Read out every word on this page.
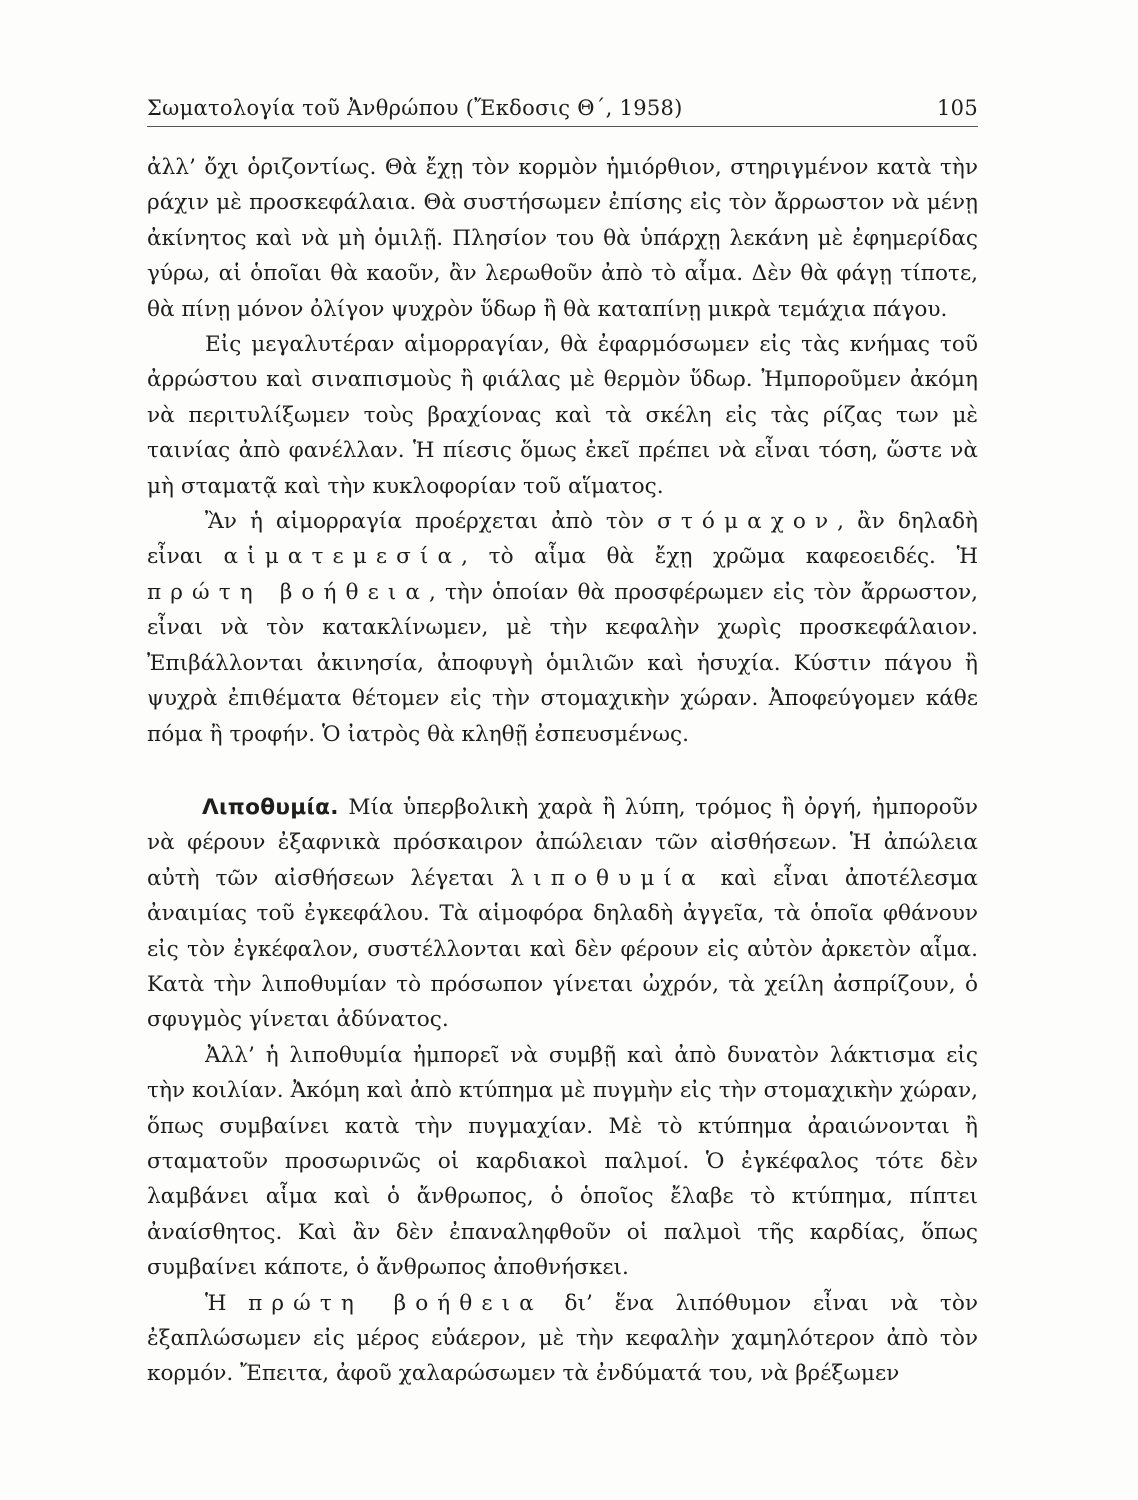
Σωματολογία τοῦ Ἀνθρώπου (Ἔκδοσις Θ΄, 1958)	105

ἀλλ’ ὄχι ὁριζοντίως. Θὰ ἔχῃ τὸν κορμὸν ἡμιόρθιον, στηριγμένον κατὰ τὴν ράχιν μὲ προσκεφάλαια. Θὰ συστήσωμεν ἐπίσης εἰς τὸν ἄρρωστον νὰ μένῃ ἀκίνητος καὶ νὰ μὴ ὁμιλῇ. Πλησίον του θὰ ὑπάρχῃ λεκάνη μὲ ἐφημερίδας γύρω, αἱ ὁποῖαι θὰ καοῦν, ἂν λερωθοῦν ἀπὸ τὸ αἷμα. Δὲν θὰ φάγῃ τίποτε, θὰ πίνῃ μόνον ὀλίγον ψυχρὸν ὕδωρ ἢ θὰ καταπίνῃ μικρὰ τεμάχια πάγου.

Εἰς μεγαλυτέραν αἱμορραγίαν, θὰ ἐφαρμόσωμεν εἰς τὰς κνήμας τοῦ ἀρρώστου καὶ σιναπισμοὺς ἢ φιάλας μὲ θερμὸν ὕδωρ. Ἠμποροῦμεν ἀκόμη νὰ περιτυλίξωμεν τοὺς βραχίονας καὶ τὰ σκέλη εἰς τὰς ρίζας των μὲ ταινίας ἀπὸ φανέλλαν. Ἡ πίεσις ὅμως ἐκεῖ πρέπει νὰ εἶναι τόση, ὥστε νὰ μὴ σταματᾷ καὶ τὴν κυκλοφορίαν τοῦ αἵματος.

Ἂν ἡ αἱμορραγία προέρχεται ἀπὸ τὸν στόμαχον, ἂν δηλαδὴ εἶναι αἱματεμεσία, τὸ αἷμα θὰ ἔχῃ χρῶμα καφεοειδές. Ἡ πρώτη βοήθεια, τὴν ὁποίαν θὰ προσφέρωμεν εἰς τὸν ἄρρωστον, εἶναι νὰ τὸν κατακλίνωμεν, μὲ τὴν κεφαλὴν χωρὶς προσκεφάλαιον. Ἐπιβάλλονται ἀκινησία, ἀποφυγὴ ὁμιλιῶν καὶ ἡσυχία. Κύστιν πάγου ἢ ψυχρὰ ἐπιθέματα θέτομεν εἰς τὴν στομαχικὴν χώραν. Ἀποφεύγομεν κάθε πόμα ἢ τροφήν. Ὁ ἰατρὸς θὰ κληθῇ ἐσπευσμένως.

Λιποθυμία. Μία ὑπερβολικὴ χαρὰ ἢ λύπη, τρόμος ἢ ὀργή, ἠμποροῦν νὰ φέρουν ἐξαφνικὰ πρόσκαιρον ἀπώλειαν τῶν αἰσθήσεων. Ἡ ἀπώλεια αὐτὴ τῶν αἰσθήσεων λέγεται λιποθυμία καὶ εἶναι ἀποτέλεσμα ἀναιμίας τοῦ ἐγκεφάλου. Τὰ αἱμοφόρα δηλαδὴ ἀγγεῖα, τὰ ὁποῖα φθάνουν εἰς τὸν ἐγκέφαλον, συστέλλονται καὶ δὲν φέρουν εἰς αὐτὸν ἀρκετὸν αἷμα. Κατὰ τὴν λιποθυμίαν τὸ πρόσωπον γίνεται ὠχρόν, τὰ χείλη ἀσπρίζουν, ὁ σφυγμὸς γίνεται ἀδύνατος.

Ἀλλ’ ἡ λιποθυμία ἠμπορεῖ νὰ συμβῇ καὶ ἀπὸ δυνατὸν λάκτισμα εἰς τὴν κοιλίαν. Ἀκόμη καὶ ἀπὸ κτύπημα μὲ πυγμὴν εἰς τὴν στομαχικὴν χώραν, ὅπως συμβαίνει κατὰ τὴν πυγμαχίαν. Μὲ τὸ κτύπημα ἀραιώνονται ἢ σταματοῦν προσωρινῶς οἱ καρδιακοὶ παλμοί. Ὁ ἐγκέφαλος τότε δὲν λαμβάνει αἷμα καὶ ὁ ἄνθρωπος, ὁ ὁποῖος ἔλαβε τὸ κτύπημα, πίπτει ἀναίσθητος. Καὶ ἂν δὲν ἐπαναληφθοῦν οἱ παλμοὶ τῆς καρδίας, ὅπως συμβαίνει κάποτε, ὁ ἄνθρωπος ἀποθνήσκει.

Ἡ πρώτη βοήθεια δι’ ἕνα λιπόθυμον εἶναι νὰ τὸν ἐξαπλώσωμεν εἰς μέρος εὐάερον, μὲ τὴν κεφαλὴν χαμηλότερον ἀπὸ τὸν κορμόν. Ἔπειτα, ἀφοῦ χαλαρώσωμεν τὰ ἐνδύματά του, νὰ βρέξωμεν
